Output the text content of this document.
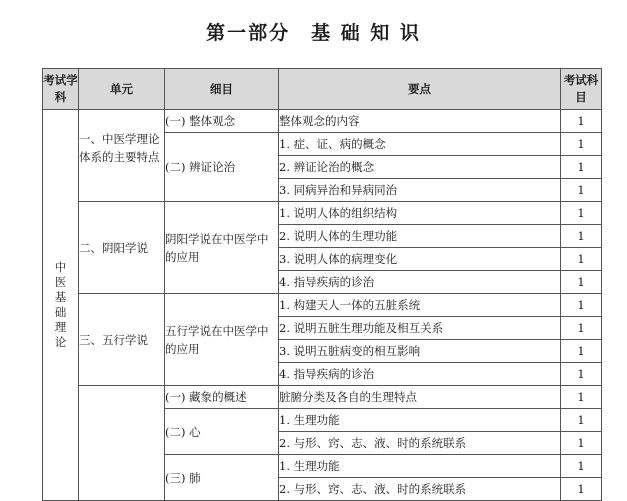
第一部分　基 础 知 识
考试学科	单元	细目	要点	考试科目

中医基础理论	一、中医学理论体系的主要特点	(一) 整体观念	整体观念的内容	1
		(二) 辨证论治	1. 症、证、病的概念	1
			2. 辨证论治的概念	1
			3. 同病异治和异病同治	1
	二、阴阳学说	阴阳学说在中医学中的应用	1. 说明人体的组织结构	1
			2. 说明人体的生理功能	1
			3. 说明人体的病理变化	1
			4. 指导疾病的诊治	1
	三、五行学说	五行学说在中医学中的应用	1. 构建天人一体的五脏系统	1
			2. 说明五脏生理功能及相互关系	1
			3. 说明五脏病变的相互影响	1
			4. 指导疾病的诊治	1
		(一) 藏象的概述	脏腑分类及各自的生理特点	1
		(二) 心	1. 生理功能	1
			2. 与形、窍、志、液、时的系统联系	1
		(三) 肺	1. 生理功能	1
			2. 与形、窍、志、液、时的系统联系	1
